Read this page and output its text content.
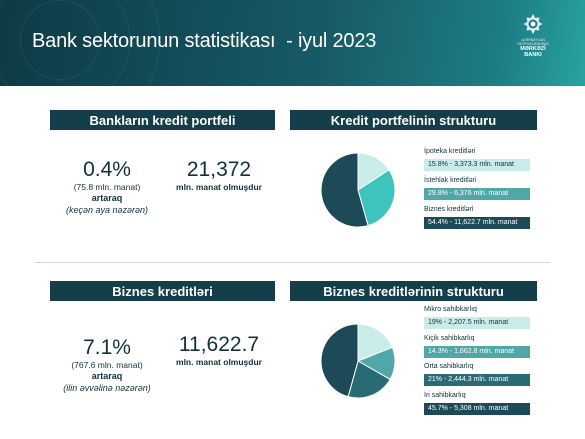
Bank sektorunun statistikası  - iyul 2023	AZƏRBAYCAN
RESPUBLİKASININ
MƏRKƏZİ
BANKI
Bankların kredit portfeli	Kredit portfelinin strukturu
0.4%
(75.8 mln. manat)
artaraq
(keçən aya nəzərən)
21,372
mln. manat olmuşdur
İpoteka kreditləri
15.8% - 3,373.3 mln. manat
İstehlak kreditləri
29.8% - 6,376 mln. manat
Biznes kreditləri
54.4% - 11,622.7 mln. manat
Biznes kreditləri	Biznes kreditlərinin strukturu
7.1%
(767.6 mln. manat)
artaraq
(ilin əvvəlinə nəzərən)
11,622.7
mln. manat olmuşdur
Mikro sahibkarlıq
19% - 2,207.5 mln. manat
Kiçik sahibkarlıq
14.3% - 1,662.8 mln. manat
Orta sahibkarlıq
21% - 2,444.3 mln. manat
İri sahibkarlıq
45.7% - 5,308 mln. manat
